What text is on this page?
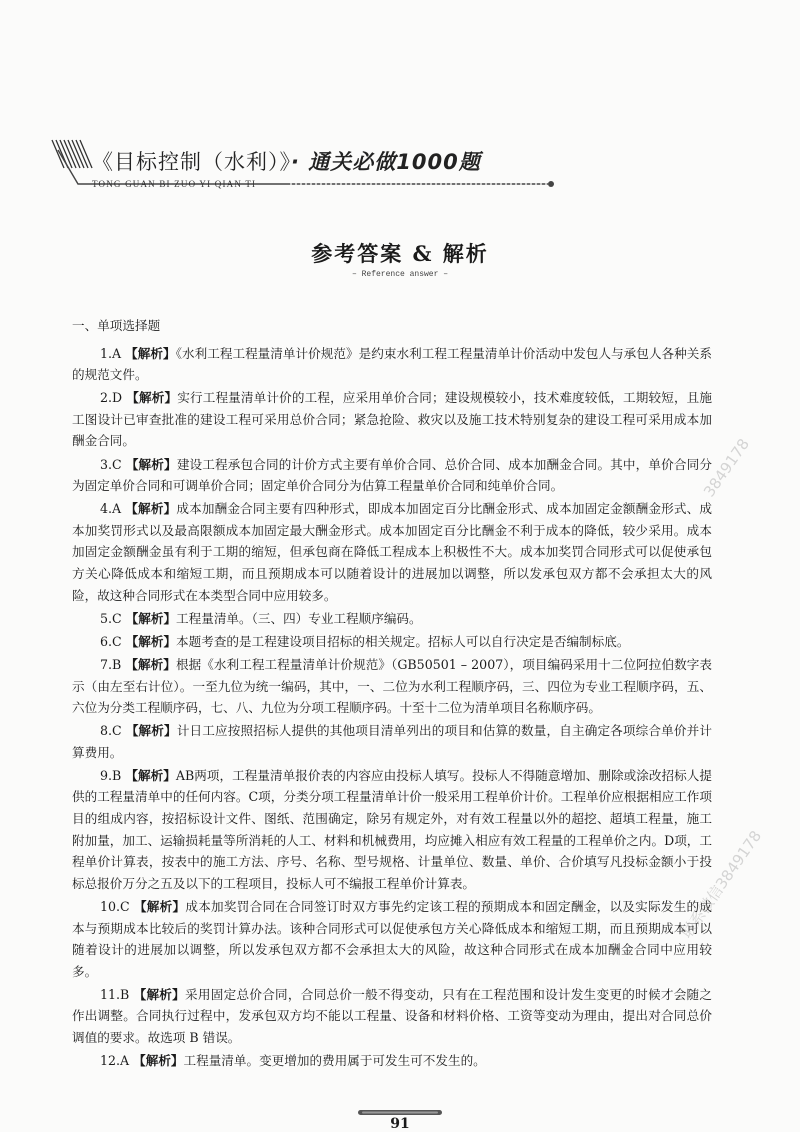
《目标控制（水利）》· 通关必做1000题
TONG GUAN BI ZUO YI QIAN TI
参考答案 & 解析
– Reference answer –
一、单项选择题

1.A 【解析】《水利工程工程量清单计价规范》是约束水利工程工程量清单计价活动中发包人与承包人各种关系的规范文件。

2.D 【解析】实行工程量清单计价的工程，应采用单价合同；建设规模较小，技术难度较低，工期较短，且施工图设计已审查批准的建设工程可采用总价合同；紧急抢险、救灾以及施工技术特别复杂的建设工程可采用成本加酬金合同。

3.C 【解析】建设工程承包合同的计价方式主要有单价合同、总价合同、成本加酬金合同。其中，单价合同分为固定单价合同和可调单价合同；固定单价合同分为估算工程量单价合同和纯单价合同。

4.A 【解析】成本加酬金合同主要有四种形式，即成本加固定百分比酬金形式、成本加固定金额酬金形式、成本加奖罚形式以及最高限额成本加固定最大酬金形式。成本加固定百分比酬金不利于成本的降低，较少采用。成本加固定金额酬金虽有利于工期的缩短，但承包商在降低工程成本上积极性不大。成本加奖罚合同形式可以促使承包方关心降低成本和缩短工期，而且预期成本可以随着设计的进展加以调整，所以发承包双方都不会承担太大的风险，故这种合同形式在本类型合同中应用较多。

5.C 【解析】工程量清单。（三、四）专业工程顺序编码。

6.C 【解析】本题考查的是工程建设项目招标的相关规定。招标人可以自行决定是否编制标底。

7.B 【解析】根据《水利工程工程量清单计价规范》（GB50501 – 2007），项目编码采用十二位阿拉伯数字表示（由左至右计位）。一至九位为统一编码，其中，一、二位为水利工程顺序码，三、四位为专业工程顺序码，五、六位为分类工程顺序码，七、八、九位为分项工程顺序码。十至十二位为清单项目名称顺序码。

8.C 【解析】计日工应按照招标人提供的其他项目清单列出的项目和估算的数量，自主确定各项综合单价并计算费用。

9.B 【解析】AB两项，工程量清单报价表的内容应由投标人填写。投标人不得随意增加、删除或涂改招标人提供的工程量清单中的任何内容。C项，分类分项工程量清单计价一般采用工程单价计价。工程单价应根据相应工作项目的组成内容，按招标设计文件、图纸、范围确定，除另有规定外，对有效工程量以外的超挖、超填工程量，施工附加量，加工、运输损耗量等所消耗的人工、材料和机械费用，均应摊入相应有效工程量的工程单价之内。D项，工程单价计算表，按表中的施工方法、序号、名称、型号规格、计量单位、数量、单价、合价填写凡投标金额小于投标总报价万分之五及以下的工程项目，投标人可不编报工程单价计算表。

10.C 【解析】成本加奖罚合同在合同签订时双方事先约定该工程的预期成本和固定酬金，以及实际发生的成本与预期成本比较后的奖罚计算办法。该种合同形式可以促使承包方关心降低成本和缩短工期，而且预期成本可以随着设计的进展加以调整，所以发承包双方都不会承担太大的风险，故这种合同形式在成本加酬金合同中应用较多。

11.B 【解析】采用固定总价合同，合同总价一般不得变动，只有在工程范围和设计发生变更的时候才会随之作出调整。合同执行过程中，发承包双方均不能以工程量、设备和材料价格、工资等变动为理由，提出对合同总价调值的要求。故选项 B 错误。

12.A 【解析】工程量清单。变更增加的费用属于可发生可不发生的。

3849178
联系微信3849178
91
